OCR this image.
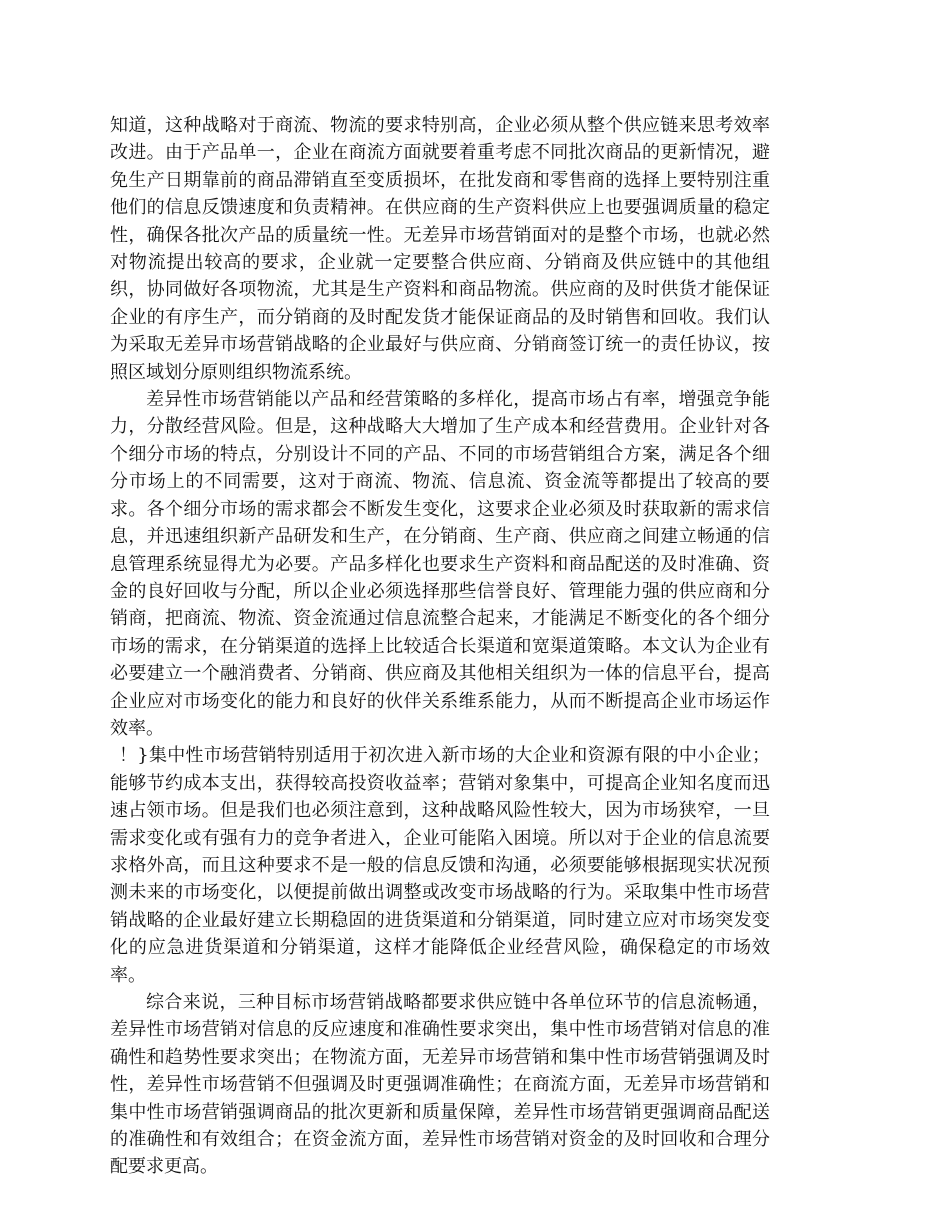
知道，这种战略对于商流、物流的要求特别高，企业必须从整个供应链来思考效率改进。由于产品单一，企业在商流方面就要着重考虑不同批次商品的更新情况，避免生产日期靠前的商品滞销直至变质损坏，在批发商和零售商的选择上要特别注重他们的信息反馈速度和负责精神。在供应商的生产资料供应上也要强调质量的稳定性，确保各批次产品的质量统一性。无差异市场营销面对的是整个市场，也就必然对物流提出较高的要求，企业就一定要整合供应商、分销商及供应链中的其他组织，协同做好各项物流，尤其是生产资料和商品物流。供应商的及时供货才能保证企业的有序生产，而分销商的及时配发货才能保证商品的及时销售和回收。我们认为采取无差异市场营销战略的企业最好与供应商、分销商签订统一的责任协议，按照区域划分原则组织物流系统。

差异性市场营销能以产品和经营策略的多样化，提高市场占有率，增强竞争能力，分散经营风险。但是，这种战略大大增加了生产成本和经营费用。企业针对各个细分市场的特点，分别设计不同的产品、不同的市场营销组合方案，满足各个细分市场上的不同需要，这对于商流、物流、信息流、资金流等都提出了较高的要求。各个细分市场的需求都会不断发生变化，这要求企业必须及时获取新的需求信息，并迅速组织新产品研发和生产，在分销商、生产商、供应商之间建立畅通的信息管理系统显得尤为必要。产品多样化也要求生产资料和商品配送的及时准确、资金的良好回收与分配，所以企业必须选择那些信誉良好、管理能力强的供应商和分销商，把商流、物流、资金流通过信息流整合起来，才能满足不断变化的各个细分市场的需求，在分销渠道的选择上比较适合长渠道和宽渠道策略。本文认为企业有必要建立一个融消费者、分销商、供应商及其他相关组织为一体的信息平台，提高企业应对市场变化的能力和良好的伙伴关系维系能力，从而不断提高企业市场运作效率。

！}集中性市场营销特别适用于初次进入新市场的大企业和资源有限的中小企业；能够节约成本支出，获得较高投资收益率；营销对象集中，可提高企业知名度而迅速占领市场。但是我们也必须注意到，这种战略风险性较大，因为市场狭窄，一旦需求变化或有强有力的竞争者进入，企业可能陷入困境。所以对于企业的信息流要求格外高，而且这种要求不是一般的信息反馈和沟通，必须要能够根据现实状况预测未来的市场变化，以便提前做出调整或改变市场战略的行为。采取集中性市场营销战略的企业最好建立长期稳固的进货渠道和分销渠道，同时建立应对市场突发变化的应急进货渠道和分销渠道，这样才能降低企业经营风险，确保稳定的市场效率。

综合来说，三种目标市场营销战略都要求供应链中各单位环节的信息流畅通，差异性市场营销对信息的反应速度和准确性要求突出，集中性市场营销对信息的准确性和趋势性要求突出；在物流方面，无差异市场营销和集中性市场营销强调及时性，差异性市场营销不但强调及时更强调准确性；在商流方面，无差异市场营销和集中性市场营销强调商品的批次更新和质量保障，差异性市场营销更强调商品配送的准确性和有效组合；在资金流方面，差异性市场营销对资金的及时回收和合理分配要求更高。
